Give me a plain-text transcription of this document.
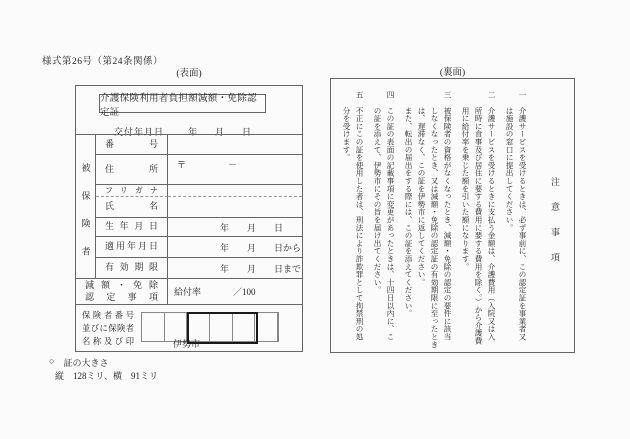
様式第26号（第24条関係）
(表面)	(裏面)
介護保険利用者負担額減額・免除認定証
交付年月日	年　　月　　日
被保険者
番号
住所	〒	－
フリガナ
氏名
生年月日	年　　月　　日
適用年月日	年　　月　　日から
有効期限	年　　月　　日まで
減額・免除
認定事項	給付率	／100
保険者番号
並びに保険者
名称及び印	伊勢市
注意事項
一　介護サービスを受けるときは、必ず事前に、この認定証を事業者又
　　は施設の窓口に提出してください。
二　介護サービスを受けるときに支払う金額は、介護費用（入院又は入
　　所時に食事及び居住に要する費用に要する費用を除く。）から介護費
　　用に給付率を乗じた額を引いた額になります。
三　被保険者の資格がなくなったとき、減額・免除の認定の要件に該当
　　しなくなったとき、又は減額・免除の認定証の有効期限に至ったとき
　　は、遅滞なく、この証を伊勢市に返してください。
　　また、転出の届出をする際には、この証を添えてください。
四　この証の表面の記載事項に変更があったときは、十四日以内に、こ
　　の証を添えて、伊勢市にその旨を届け出てください。
五　不正にこの証を使用した者は、刑法により詐欺罪として拘禁刑の処
　　分を受けます。
○ 証の大きさ
縦　128ミリ、横　91ミリ
